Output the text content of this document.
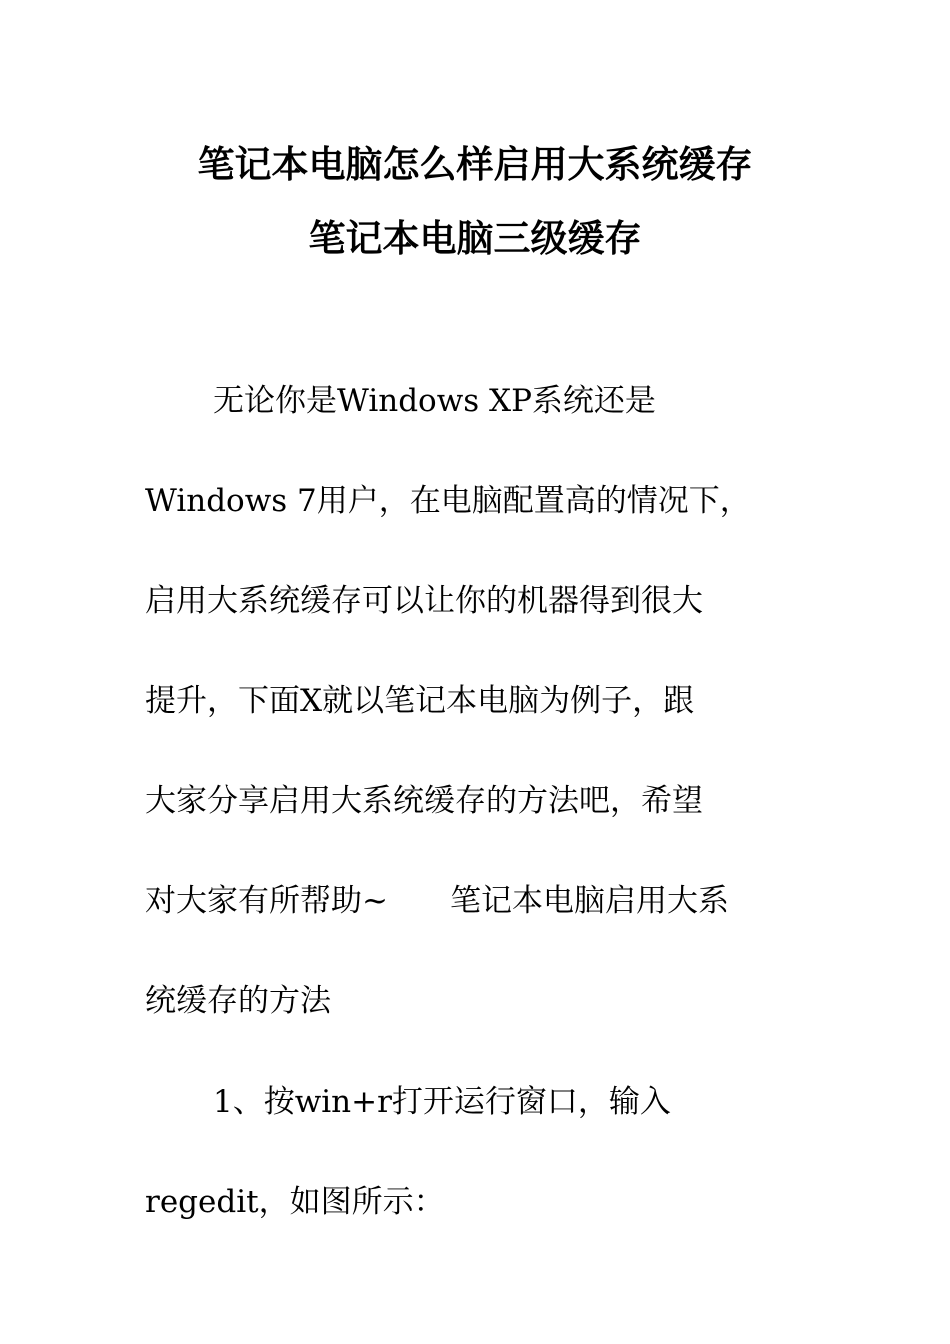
笔记本电脑怎么样启用大系统缓存
笔记本电脑三级缓存
无论你是Windows XP系统还是
Windows 7用户，在电脑配置高的情况下，
启用大系统缓存可以让你的机器得到很大
提升，下面X就以笔记本电脑为例子，跟
大家分享启用大系统缓存的方法吧，希望
对大家有所帮助~ 笔记本电脑启用大系
统缓存的方法
1、按win+r打开运行窗口，输入
regedit，如图所示：
